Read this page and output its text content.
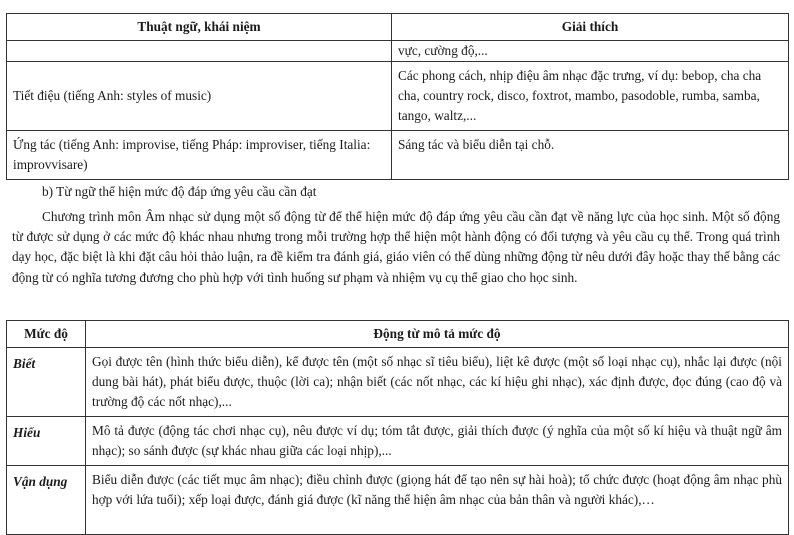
Thuật ngữ, khái niệm	Giải thích
	vực, cường độ,...
Tiết điệu (tiếng Anh: styles of music)	Các phong cách, nhịp điệu âm nhạc đặc trưng, ví dụ: bebop, cha cha cha, country rock, disco, foxtrot, mambo, pasodoble, rumba, samba, tango, waltz,...
Ứng tác (tiếng Anh: improvise, tiếng Pháp: improviser, tiếng Italia: improvvisare)	Sáng tác và biểu diễn tại chỗ.
b) Từ ngữ thể hiện mức độ đáp ứng yêu cầu cần đạt

Chương trình môn Âm nhạc sử dụng một số động từ để thể hiện mức độ đáp ứng yêu cầu cần đạt về năng lực của học sinh. Một số động từ được sử dụng ở các mức độ khác nhau nhưng trong mỗi trường hợp thể hiện một hành động có đối tượng và yêu cầu cụ thể. Trong quá trình dạy học, đặc biệt là khi đặt câu hỏi thảo luận, ra đề kiểm tra đánh giá, giáo viên có thể dùng những động từ nêu dưới đây hoặc thay thế bằng các động từ có nghĩa tương đương cho phù hợp với tình huống sư phạm và nhiệm vụ cụ thể giao cho học sinh.

Mức độ	Động từ mô tả mức độ
Biết	Gọi được tên (hình thức biểu diễn), kể được tên (một số nhạc sĩ tiêu biểu), liệt kê được (một số loại nhạc cụ), nhắc lại được (nội dung bài hát), phát biểu được, thuộc (lời ca); nhận biết (các nốt nhạc, các kí hiệu ghi nhạc), xác định được, đọc đúng (cao độ và trường độ các nốt nhạc),...
Hiểu	Mô tả được (động tác chơi nhạc cụ), nêu được ví dụ; tóm tắt được, giải thích được (ý nghĩa của một số kí hiệu và thuật ngữ âm nhạc); so sánh được (sự khác nhau giữa các loại nhịp),...
Vận dụng	Biểu diễn được (các tiết mục âm nhạc); điều chỉnh được (giọng hát để tạo nên sự hài hoà); tổ chức được (hoạt động âm nhạc phù hợp với lứa tuổi); xếp loại được, đánh giá được (kĩ năng thể hiện âm nhạc của bản thân và người khác),…
